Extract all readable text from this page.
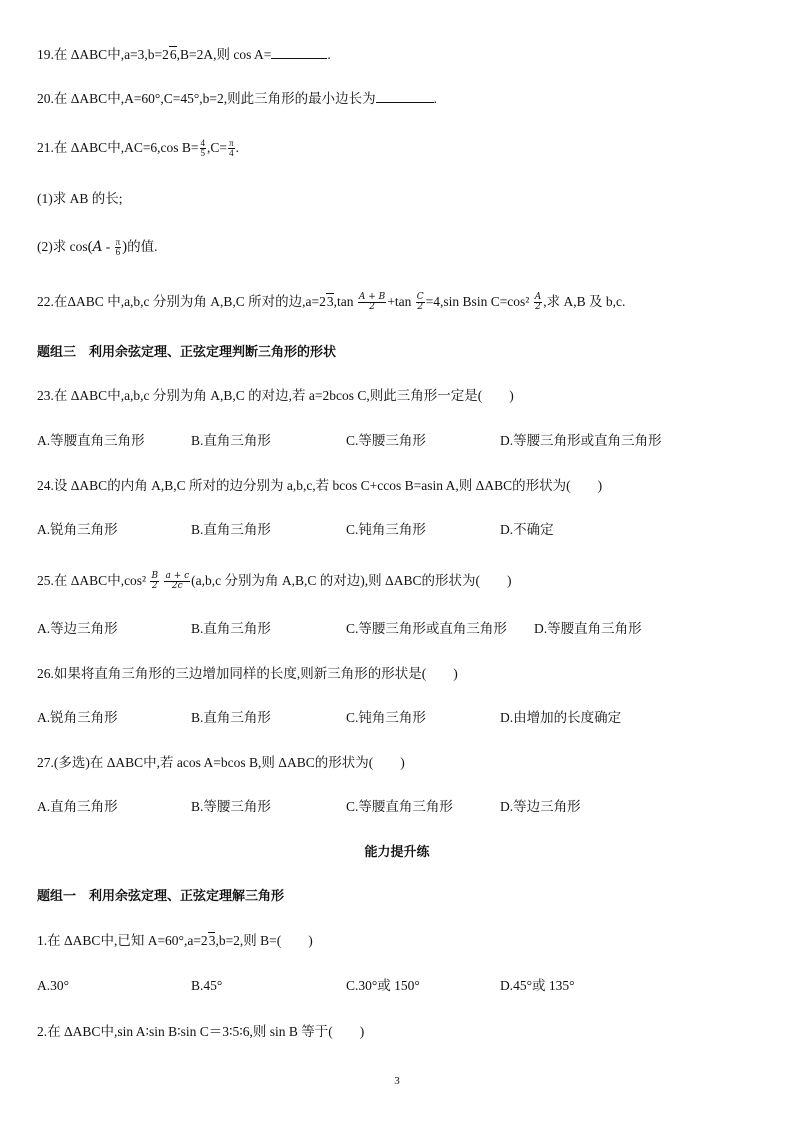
19.在 ΔABC中,a=3,b=26,B=2A,则 cos A=	.
20.在 ΔABC中,A=60°,C=45°,b=2,则此三角形的最小边长为	.
21.在 ΔABC中,AC=6,cos $B= \frac{4}{5} ,C= \frac{\pi}{4}$ .
(1)求 AB 的长;
(2)求 $\cos(A - \frac{\pi}{6}$ )的值.
22.在ΔABC 中,a,b,c 分别为角 A,B,C 所对的边$,a=23,\tan \frac{A + B}{2} +\tan \frac{C}{2} =4,\sin$ Bsin $C=\cos^2 \frac{A}{2}$ ,求 A,B 及 b,c.
题组三　利用余弦定理、正弦定理判断三角形的形状
23.在 ΔABC中,a,b,c 分别为角 A,B,C 的对边,若 a=2bcos C,则此三角形一定是(　　)
A.等腰直角三角形	B.直角三角形	C.等腰三角形	D.等腰三角形或直角三角形
24.设 ΔABC的内角 A,B,C 所对的边分别为 a,b,c,若 bcos C+ccos B=asin A,则 ΔABC的形状为(　　)
A.锐角三角形	B.直角三角形	C.钝角三角形	D.不确定
25.在 ΔABC中$,\cos^2 \frac{B}{2}$
$\frac{a + c}{2c} (a,b,c$ 分别为角 A,B,C 的对边),则 ΔABC的形状为(　　)
A.等边三角形	B.直角三角形	C.等腰三角形或直角三角形 D.等腰直角三角形
26.如果将直角三角形的三边增加同样的长度,则新三角形的形状是(　　)
A.锐角三角形	B.直角三角形	C.钝角三角形	D.由增加的长度确定
27.(多选)在 ΔABC中,若 acos A=bcos B,则 ΔABC的形状为(　　)
A.直角三角形	B.等腰三角形	C.等腰直角三角形	D.等边三角形
能力提升练
题组一　利用余弦定理、正弦定理解三角形
1.在 ΔABC中,已知 A=60°,a=23,b=2,则 B=(　　)
A.30°	B.45°	C.30°或 150°	D.45°或 135°
2.在 ΔABC中,sin A∶sin B∶sin C＝3∶5∶6,则 sin B 等于(　　)
3
